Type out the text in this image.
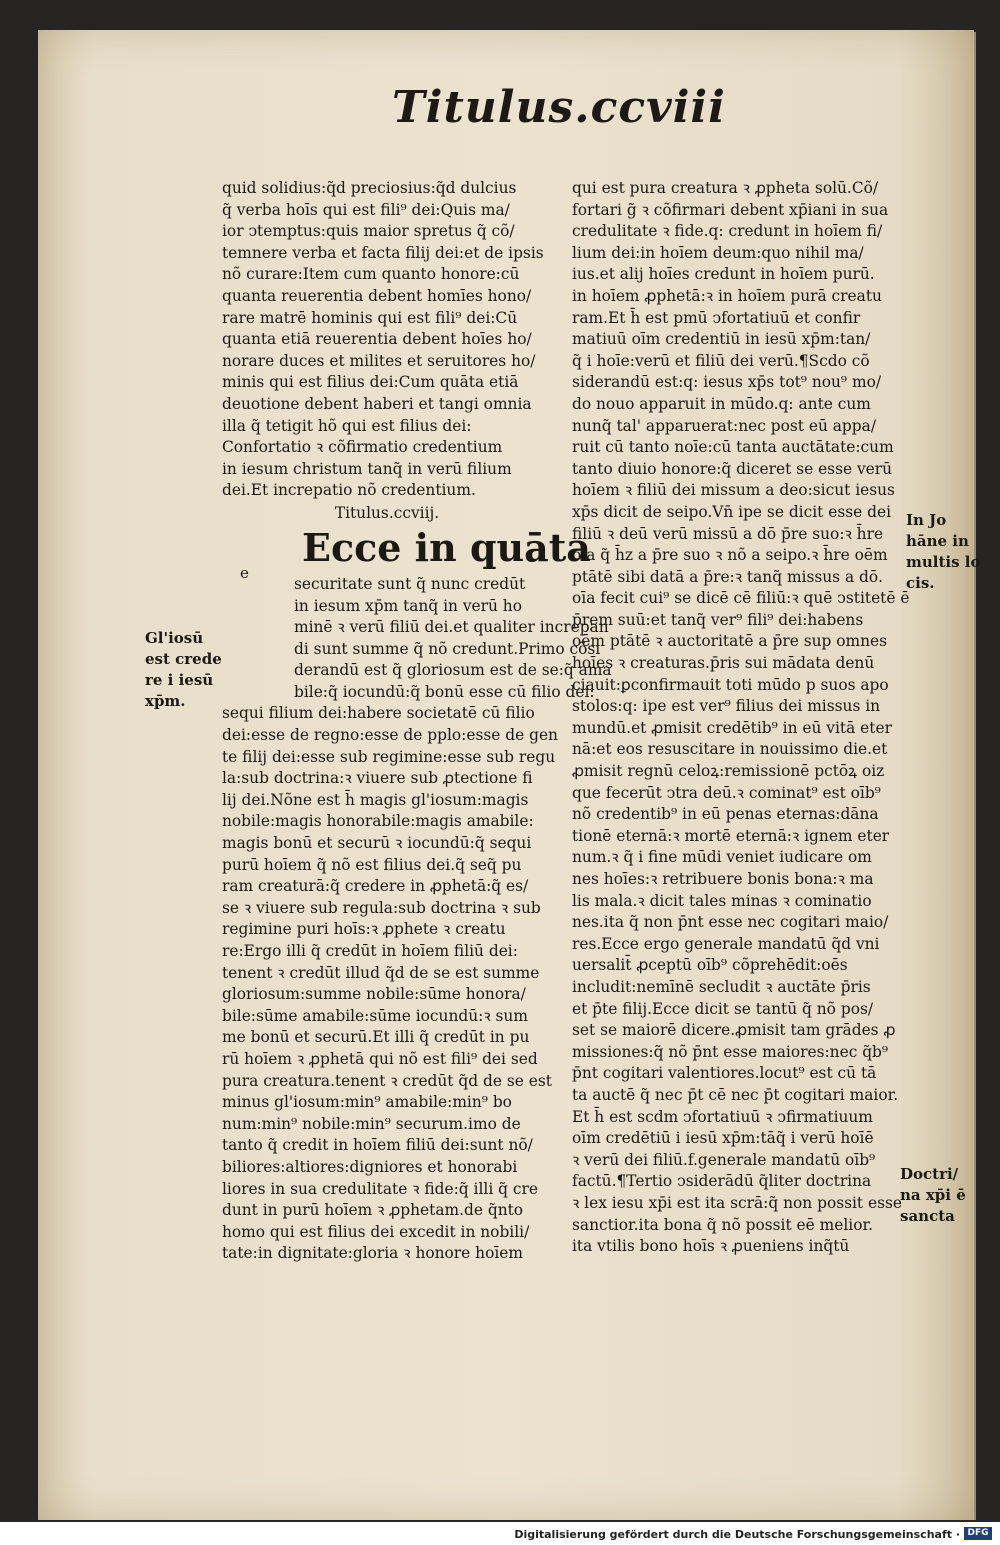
Titulus.ccviii
quid solidius:q̃d preciosius:q̃d dulcius
q̃ verba hoīs qui est fili⁹ dei:Quis ma/
ior ↄtemptus:quis maior spretus q̃ cõ/
temnere verba et facta filij dei:et de ipsis
nõ curare:Item cum quanto honore:cū
quanta reuerentia debent homīes hono/
rare matrē hominis qui est fili⁹ dei:Cū
quanta etiā reuerentia debent hoīes ho/
norare duces et milites et seruitores ho/
minis qui est filius dei:Cum quāta etiā
deuotione debent haberi et tangi omnia
illa q̃ tetigit hõ qui est filius dei:
Confortatio ꝛ cõfirmatio credentium
in iesum christum tanq̃ in verū filium
dei.Et increpatio nõ credentium.
Titulus.ccviij.
Ecce in quāta
e
securitate sunt q̃ nunc credūt
in iesum xp̄m tanq̃ in verū ho
minē ꝛ verū filiū dei.et qualiter increpan
di sunt summe q̃ nõ credunt.Primo cõsi
derandū est q̃ gloriosum est de se:q̃ ama
bile:q̃ iocundū:q̃ bonū esse cū filio dei:
sequi filium dei:habere societatē cū filio
dei:esse de regno:esse de pplo:esse de gen
te filij dei:esse sub regimine:esse sub regu
la:sub doctrina:ꝛ viuere sub ꝓtectione fi
lij dei.Nõne est h̄ magis gl'iosum:magis
nobile:magis honorabile:magis amabile:
magis bonū et securū ꝛ iocundū:q̃ sequi
purū hoīem q̃ nõ est filius dei.q̃ seq̃ pu
ram creaturā:q̃ credere in ꝓphetā:q̃ es/
se ꝛ viuere sub regula:sub doctrina ꝛ sub
regimine puri hoīs:ꝛ ꝓphete ꝛ creatu
re:Ergo illi q̃ credūt in hoīem filiū dei:
tenent ꝛ credūt illud q̃d de se est summe
gloriosum:summe nobile:sūme honora/
bile:sūme amabile:sūme iocundū:ꝛ sum
me bonū et securū.Et illi q̃ credūt in pu
rū hoīem ꝛ ꝓphetā qui nõ est fili⁹ dei sed
pura creatura.tenent ꝛ credūt q̃d de se est
minus gl'iosum:min⁹ amabile:min⁹ bo
num:min⁹ nobile:min⁹ securum.imo de
tanto q̃ credit in hoīem filiū dei:sunt nõ/
biliores:altiores:digniores et honorabi
liores in sua credulitate ꝛ fide:q̃ illi q̃ cre
dunt in purū hoīem ꝛ ꝓphetam.de q̃nto
homo qui est filius dei excedit in nobili/
tate:in dignitate:gloria ꝛ honore hoīem
qui est pura creatura ꝛ ꝓpheta solū.Cõ/
fortari g̃ ꝛ cõfirmari debent xp̄iani in sua
credulitate ꝛ fide.q: credunt in hoīem fi/
lium dei:in hoīem deum:quo nihil ma/
ius.et alij hoīes credunt in hoīem purū.
in hoīem ꝓphetā:ꝛ in hoīem purā creatu
ram.Et h̄ est pmū ↄfortatiuū et confir
matiuū oīm credentiū in iesū xp̄m:tan/
q̃ i hoīe:verū et filiū dei verū.¶Scdo cõ
siderandū est:q: iesus xp̄s tot⁹ nou⁹ mo/
do nouo apparuit in mūdo.q: ante cum
nunq̃ tal' apparuerat:nec post eū appa/
ruit cū tanto noīe:cū tanta auctātate:cum
tanto diuio honore:q̃ diceret se esse verū
hoīem ꝛ filiū dei missum a deo:sicut iesus
xp̄s dicit de seipo.Vn̄ ipe se dicit esse dei
filiū ꝛ deū verū missū a dō p̄re suo:ꝛ h̄re
oīa q̃ h̄z a p̄re suo ꝛ nõ a seipo.ꝛ h̄re oēm
ptātē sibi datā a p̄re:ꝛ tanq̃ missus a dō.
oīa fecit cui⁹ se dicē cē filiū:ꝛ quē ↄstitetē ē
p̄rem suū:et tanq̃ ver⁹ fili⁹ dei:habens
oēm ptātē ꝛ auctoritatē a p̄re sup omnes
hoīes ꝛ creaturas.p̄ris sui mādata denū
ciauit:ꝑconfirmauit toti mūdo p suos apo
stolos:q: ipe est ver⁹ filius dei missus in
mundū.et ꝓmisit credētib⁹ in eū vitā eter
nā:et eos resuscitare in nouissimo die.et
ꝓmisit regnū celoꝝ:remissionē pctōꝝ oiz
que fecerūt ↄtra deū.ꝛ cominat⁹ est oīb⁹
nõ credentib⁹ in eū penas eternas:dāna
tionē eternā:ꝛ mortē eternā:ꝛ ignem eter
num.ꝛ q̃ i fine mūdi veniet iudicare om
nes hoīes:ꝛ retribuere bonis bona:ꝛ ma
lis mala.ꝛ dicit tales minas ꝛ cominatio
nes.ita q̃ non p̄nt esse nec cogitari maio/
res.Ecce ergo generale mandatū q̃d vni
uersalit̄ ꝓceptū oīb⁹ cõprehēdit:oēs
includit:nemīnē secludit ꝛ auctāte p̄ris
et p̄te filij.Ecce dicit se tantū q̃ nõ pos/
set se maiorē dicere.ꝓmisit tam grādes ꝓ
missiones:q̃ nõ p̄nt esse maiores:nec q̃b⁹
p̄nt cogitari valentiores.locut⁹ est cū tā
ta auctē q̃ nec p̄t cē nec p̄t cogitari maior.
Et h̄ est scdm ↄfortatiuū ꝛ ↄfirmatiuum
oīm credētiū i iesū xp̄m:tāq̃ i verū hoīē
ꝛ verū dei filiū.f.generale mandatū oīb⁹
factū.¶Tertio ↄsiderādū q̃liter doctrina
ꝛ lex iesu xp̄i est ita scrā:q̃ non possit esse
sanctior.ita bona q̃ nõ possit eē melior.
ita vtilis bono hoīs ꝛ ꝓueniens inq̃tū
Gl'iosū
est crede
re i iesū
xp̄m.
In Jo
hāne in
multis lo
cis.
Doctri/
na xp̄i ē
sancta
Digitalisierung gefördert durch die Deutsche Forschungsgemeinschaft · DFG
